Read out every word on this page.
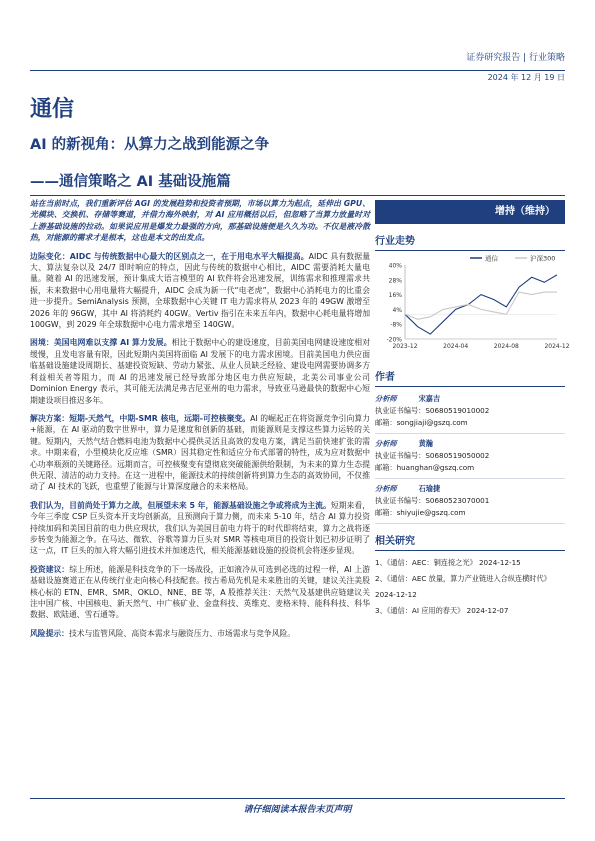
证券研究报告 | 行业策略
2024 年 12 月 19 日
通信
AI 的新视角：从算力之战到能源之争
——通信策略之 AI 基础设施篇

站在当前时点，我们重新评估 AGI 的发展趋势和投资者预期，市场以算力为起点，延伸出 GPU、光模块、交换机、存储等赛道，并借力海外映射，对 AI 应用概括以后，但忽略了当算力放量时对上游基础设施的拉动。如果说应用是爆发力最强的方向，那基础设施便是久久为功。不仅是液冷散热，对能源的需求才是根本，这也是本文的出发点。

边际变化：AIDC 与传统数据中心最大的区别点之一，在于用电水平大幅提高。AIDC 具有数据量大、算法复杂以及 24/7 即时响应的特点，因此与传统的数据中心相比，AIDC 需要消耗大量电量。随着 AI 的迅速发展，预计集成大语言模型的 AI 软件将会迅速发展，训练需求和推理需求共振，未来数据中心用电量将大幅提升，AIDC 会成为新一代“电老虎”，数据中心消耗电力的比重会进一步提升。SemiAnalysis 预测，全球数据中心关键 IT 电力需求将从 2023 年的 49GW 激增至 2026 年的 96GW，其中 AI 将消耗约 40GW。Vertiv 指引在未来五年内，数据中心耗电量将增加 100GW，到 2029 年全球数据中心电力需求增至 140GW。

困境：美国电网难以支撑 AI 算力发展。相比于数据中心的建设速度，目前美国电网建设速度相对缓慢，且发电容量有限，因此短期内美国将面临 AI 发展下的电力需求困境。目前美国电力供应面临基础设施建设周期长、基建投资短缺、劳动力紧张、从业人员缺乏经验、建设电网需要协调多方利益相关者等阻力，而 AI 的迅速发展已经导致部分地区电力供应短缺，北美公司事业公司 Dominion Energy 表示，其可能无法满足弗吉尼亚州的电力需求，导致亚马逊最快的数据中心短期建设项目推迟多年。

解决方案：短期-天然气，中期-SMR 核电，远期-可控核聚变。AI 的崛起正在将资源竞争引向算力+能源，在 AI 驱动的数字世界中，算力是速度和创新的基础，而能源则是支撑这些算力运转的关键。短期内，天然气结合燃料电池为数据中心提供灵活且高效的发电方案，满足当前快速扩张的需求。中期来看，小型模块化反应堆（SMR）因其稳定性和适应分布式部署的特性，成为应对数据中心功率瓶颈的关键路径。远期而言，可控核聚变有望彻底突破能源供给限制，为未来的算力生态提供无限、清洁的动力支持。在这一进程中，能源技术的持续创新将到算力生态的高效协同，不仅推动了 AI 技术的飞跃，也重塑了能源与计算深度融合的未来格局。

我们认为，目前尚处于算力之战，但展望未来 5 年，能源基础设施之争或将成为主流。短期来看，今年三季度 CSP 巨头资本开支均创新高，且预测向于算力侧，而未来 5-10 年，结合 AI 算力投资持续加码和美国目前的电力供应现状，我们认为美国目前电力将于的时代即将结束，算力之战将逐步转变为能源之争。在马达、微软、谷歌等算力巨头对 SMR 等核电项目的投资计划已初步证明了这一点，IT 巨头的加入将大幅引进技术并加速迭代，相关能源基础设施的投资机会将逐步显现。

投资建议：综上所述，能源是科技竞争的下一场战役，正如液冷从可选到必选的过程一样，AI 上游基础设施赛道正在从传统行业走向核心科技配套。按古希局先机是未来胜出的关键，建议关注美股核心标的 ETN、EMR、SMR、OKLO、NNE、BE 等，A 股推荐关注：天然气及基建供应链建议关注中国广核、中国核电、新天然气、中广核矿业、金盘科技、英维克、麦格米特、能科科技、科华数据、欧陆通、雪石通等。

风险提示：技术与监管风险、高资本需求与融资压力、市场需求与竞争风险。

增持（维持）
行业走势
40%
28%
16%
4%
-8%
-20%
2023-12	2024-04	2024-08	2024-12
通信	沪深300
作者
分析师	宋嘉吉
执业证书编号：S0680519010002
邮箱：songjiaji@gszq.com
分析师	黄瀚
执业证书编号：S0680519050002
邮箱：huanghan@gszq.com
分析师	石瑜捷
执业证书编号：S0680523070001
邮箱：shiyujie@gszq.com
相关研究
1、《通信：AEC：铜连接之光》 2024-12-15
2、《通信：AEC 放量，算力产业链进入合纵连横时代》 2024-12-12
3、《通信：AI 应用的春天》 2024-12-07
请仔细阅读本报告末页声明
